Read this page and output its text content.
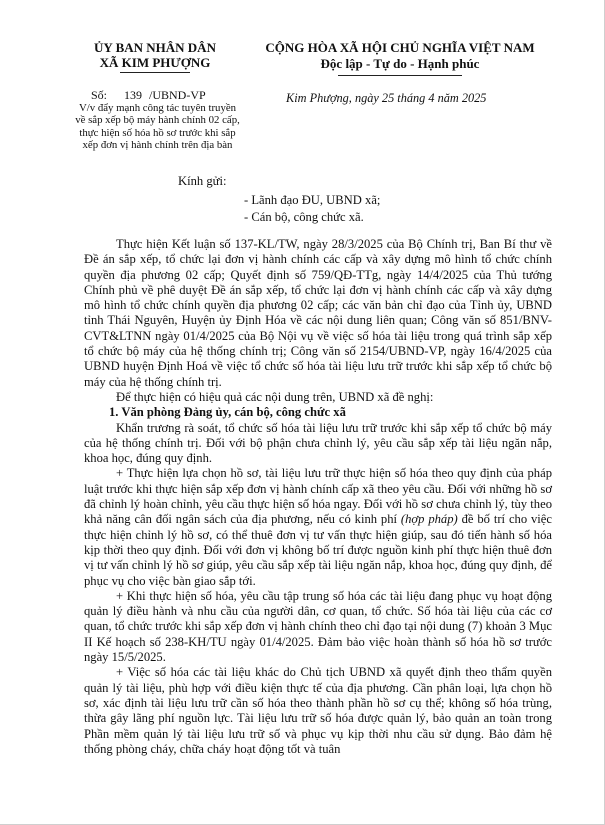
ỦY BAN NHÂN DÂN
XÃ KIM PHƯỢNG
CỘNG HÒA XÃ HỘI CHỦ NGHĨA VIỆT NAM
Độc lập - Tự do - Hạnh phúc
Số: 139 /UBND-VP
V/v đẩy mạnh công tác tuyên truyền
về sắp xếp bộ máy hành chính 02 cấp,
thực hiện số hóa hồ sơ trước khi sắp
xếp đơn vị hành chính trên địa bàn
Kim Phượng, ngày 25 tháng 4 năm 2025
Kính gửi:
- Lãnh đạo ĐU, UBND xã;
- Cán bộ, công chức xã.

Thực hiện Kết luận số 137-KL/TW, ngày 28/3/2025 của Bộ Chính trị, Ban Bí thư về Đề án sắp xếp, tổ chức lại đơn vị hành chính các cấp và xây dựng mô hình tổ chức chính quyền địa phương 02 cấp; Quyết định số 759/QĐ-TTg, ngày 14/4/2025 của Thủ tướng Chính phủ về phê duyệt Đề án sắp xếp, tổ chức lại đơn vị hành chính các cấp và xây dựng mô hình tổ chức chính quyền địa phương 02 cấp; các văn bản chỉ đạo của Tỉnh ủy, UBND tỉnh Thái Nguyên, Huyện ủy Định Hóa về các nội dung liên quan; Công văn số 851/BNV-CVT&LTNN ngày 01/4/2025 của Bộ Nội vụ về việc số hóa tài liệu trong quá trình sắp xếp tổ chức bộ máy của hệ thống chính trị; Công văn số 2154/UBND-VP, ngày 16/4/2025 của UBND huyện Định Hoá về việc tổ chức số hóa tài liệu lưu trữ trước khi sắp xếp tổ chức bộ máy của hệ thống chính trị.

Để thực hiện có hiệu quả các nội dung trên, UBND xã đề nghị:

1. Văn phòng Đảng ủy, cán bộ, công chức xã

Khẩn trương rà soát, tổ chức số hóa tài liệu lưu trữ trước khi sắp xếp tổ chức bộ máy của hệ thống chính trị. Đối với bộ phận chưa chỉnh lý, yêu cầu sắp xếp tài liệu ngăn nắp, khoa học, đúng quy định.

+ Thực hiện lựa chọn hồ sơ, tài liệu lưu trữ thực hiện số hóa theo quy định của pháp luật trước khi thực hiện sắp xếp đơn vị hành chính cấp xã theo yêu cầu. Đối với những hồ sơ đã chỉnh lý hoàn chỉnh, yêu cầu thực hiện số hóa ngay. Đối với hồ sơ chưa chỉnh lý, tùy theo khả năng cân đối ngân sách của địa phương, nếu có kinh phí (hợp pháp) đề bố trí cho việc thực hiện chỉnh lý hồ sơ, có thể thuê đơn vị tư vấn thực hiện giúp, sau đó tiến hành số hóa kịp thời theo quy định. Đối với đơn vị không bố trí được nguồn kinh phí thực hiện thuê đơn vị tư vấn chỉnh lý hồ sơ giúp, yêu cầu sắp xếp tài liệu ngăn nắp, khoa học, đúng quy định, để phục vụ cho việc bàn giao sắp tới.

+ Khi thực hiện số hóa, yêu cầu tập trung số hóa các tài liệu đang phục vụ hoạt động quản lý điều hành và nhu cầu của người dân, cơ quan, tổ chức. Số hóa tài liệu của các cơ quan, tổ chức trước khi sắp xếp đơn vị hành chính theo chỉ đạo tại nội dung (7) khoản 3 Mục II Kế hoạch số 238-KH/TU ngày 01/4/2025. Đảm bảo việc hoàn thành số hóa hồ sơ trước ngày 15/5/2025.

+ Việc số hóa các tài liệu khác do Chủ tịch UBND xã quyết định theo thẩm quyền quản lý tài liệu, phù hợp với điều kiện thực tế của địa phương. Cần phân loại, lựa chọn hồ sơ, xác định tài liệu lưu trữ cần số hóa theo thành phần hồ sơ cụ thể; không số hóa trùng, thừa gây lãng phí nguồn lực. Tài liệu lưu trữ số hóa được quản lý, bảo quản an toàn trong Phần mềm quản lý tài liệu lưu trữ số và phục vụ kịp thời nhu cầu sử dụng. Bảo đảm hệ thống phòng cháy, chữa cháy hoạt động tốt và tuân
